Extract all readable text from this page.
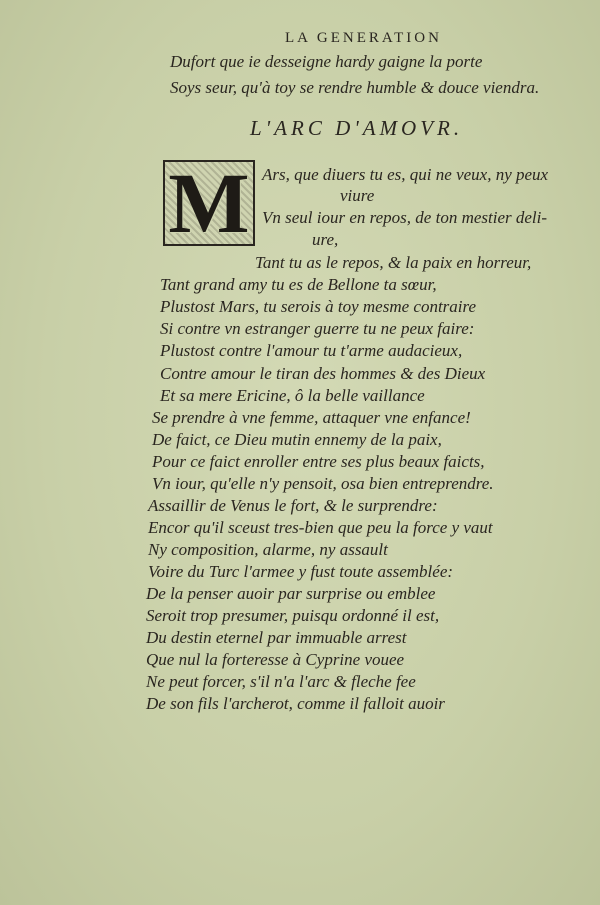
LA GENERATION
Dufort que ie desseigne hardy gaigne la porte
Soys seur, qu'à toy se rendre humble & douce viendra.
L'ARC D'AMOVR.
M Ars, que diuers tu es, qui ne veux, ny peux
viure
Vn seul iour en repos, de ton mestier deli-
ure,
Tant tu as le repos, & la paix en horreur,
Tant grand amy tu es de Bellone ta sœur,
Plustost Mars, tu serois à toy mesme contraire
Si contre vn estranger guerre tu ne peux faire:
Plustost contre l'amour tu t'arme audacieux,
Contre amour le tiran des hommes & des Dieux
Et sa mere Ericine, ô la belle vaillance
Se prendre à vne femme, attaquer vne enfance!
De faict, ce Dieu mutin ennemy de la paix,
Pour ce faict enroller entre ses plus beaux faicts,
Vn iour, qu'elle n'y pensoit, osa bien entreprendre.
Assaillir de Venus le fort, & le surprendre:
Encor qu'il sceust tres-bien que peu la force y vaut
Ny composition, alarme, ny assault
Voire du Turc l'armee y fust toute assemblée:
De la penser auoir par surprise ou emblee
Seroit trop presumer, puisqu ordonné il est,
Du destin eternel par immuable arrest
Que nul la forteresse à Cyprine vouee
Ne peut forcer, s'il n'a l'arc & fleche fee
De son fils l'archerot, comme il falloit auoir
